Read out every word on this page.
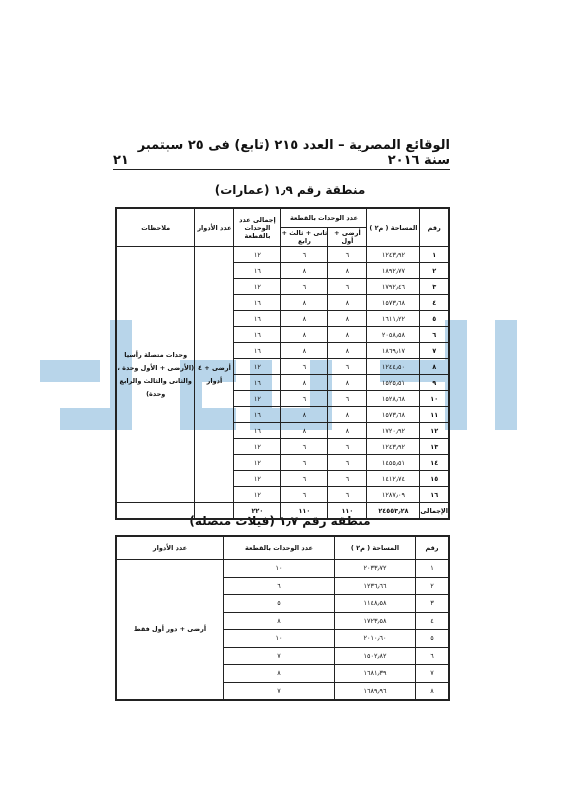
الوقائع المصرية – العدد ٢١٥ (تابع) فى ٢٥ سبتمبر سنة ٢٠١٦
٢١
منطقة رقم ١٫٩ (عمارات)
رقم	المساحة ( م٢ )	عدد الوحدات بالقطعة		إجمالى عدد الوحدات بالقطعة	عدد الأدوار	ملاحظات
		أرضى + أول	ثانى + ثالث + رابع			
١	١٢٤٣٫٩٢	٦	٦	١٢	أرضى + ٤ أدوار	وحدات متصلة رأسيا (الأرضى + الأول وحدة ، والثانى والثالث والرابع وحدة)
٢	١٨٩٢٫٧٧	٨	٨	١٦		
٣	١٧٩٢٫٤٦	٦	٦	١٢		
٤	١٥٧٣٫٦٨	٨	٨	١٦		
٥	١٦١١٫٢٢	٨	٨	١٦		
٦	٢٠٥٨٫٥٨	٨	٨	١٦		
٧	١٨٦٩٫١٧	٨	٨	١٦		
٨	١٢٤٤٫٥٠	٦	٦	١٢		
٩	١٥٢٥٫٥١	٨	٨	١٦		
١٠	١٥٢٨٫٦٨	٦	٦	١٢		
١١	١٥٧٣٫٦٨	٨	٨	١٦		
١٢	١٧٢٠٫٩٢	٨	٨	١٦		
١٣	١٢٤٣٫٩٢	٦	٦	١٢		
١٤	١٤٥٥٫٥١	٦	٦	١٢		
١٥	١٤١٢٫٧٤	٦	٦	١٢		
١٦	١٢٨٧٫٠٩	٦	٦	١٢		
الإجمالى	٢٤٥٥٣٫٢٨	١١٠	١١٠	٢٢٠		
منطقة رقم ١٫٧ (فيلات متصلة)
رقم	المساحة ( م٢ )	عدد الوحدات بالقطعة	عدد الأدوار
١	٢٠٣٣٫٧٢	١٠	أرضى + دور أول فقط
٢	١٢٣٦٫٦٦	٦	
٣	١١٤٨٫٥٨	٥	
٤	١٧٢٣٫٥٨	٨	
٥	٢٠١٠٫٦٠	١٠	
٦	١٥٠٢٫٨٢	٧	
٧	١٦٨١٫٣٩	٨	
٨	١٦٨٩٫٩٦	٧	
